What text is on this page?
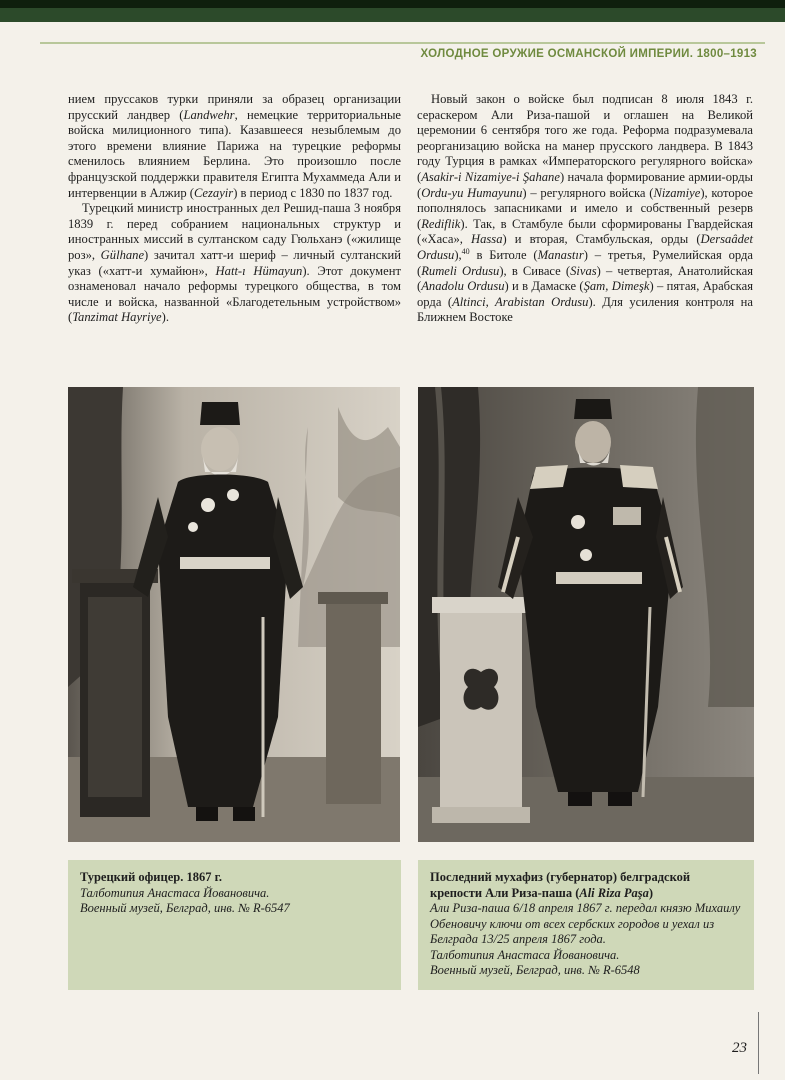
ХОЛОДНОЕ ОРУЖИЕ ОСМАНСКОЙ ИМПЕРИИ. 1800–1913

нием пруссаков турки приняли за образец организации прусский ландвер (Landwehr, немецкие территориальные войска милиционного типа). Казавшееся незыблемым до этого времени влияние Парижа на турецкие реформы сменилось влиянием Берлина. Это произошло после французской поддержки правителя Египта Мухаммеда Али и интервенции в Алжир (Cezayir) в период с 1830 по 1837 год.

Турецкий министр иностранных дел Решид-паша 3 ноября 1839 г. перед собранием национальных структур и иностранных миссий в султанском саду Гюльханэ («жилище роз», Gülhane) зачитал хатт-и шериф – личный султанский указ («хатт-и хумайюн», Hatt-ı Hümayun). Этот документ ознаменовал начало реформы турецкого общества, в том числе и войска, названной «Благодетельным устройством» (Tanzimat Hayriye).

Новый закон о войске был подписан 8 июля 1843 г. сераскером Али Риза-пашой и оглашен на Великой церемонии 6 сентября того же года. Реформа подразумевала реорганизацию войска на манер прусского ландвера. В 1843 году Турция в рамках «Императорского регулярного войска» (Asakir-i Nizamiye-i Şahane) начала формирование армии-орды (Ordu-yu Humayunu) – регулярного войска (Nizamiye), которое пополнялось запасниками и имело и собственный резерв (Rediflik). Так, в Стамбуле были сформированы Гвардейская («Хаса», Hassa) и вторая, Стамбульская, орды (Dersaâdet Ordusu),$^{40}$ в Битоле (Manastır) – третья, Румелийская орда (Rumeli Ordusu), в Сивасе (Sivas) – четвертая, Анатолийская (Anadolu Ordusu) и в Дамаске (Şam, Dimeşk) – пятая, Арабская орда (Altinci, Arabistan Ordusu). Для усиления контроля на Ближнем Востоке

Турецкий офицер. 1867 г.
Талботипия Анастаса Йовановича.
Военный музей, Белград, инв. № R-6547
Последний мухафиз (губернатор) белградской крепости Али Риза-паша (Ali Riza Paşa)
Али Риза-паша 6/18 апреля 1867 г. передал князю Михаилу Обеновичу ключи от всех сербских городов и уехал из Белграда 13/25 апреля 1867 года.
Талботипия Анастаса Йовановича.
Военный музей, Белград, инв. № R-6548
23
